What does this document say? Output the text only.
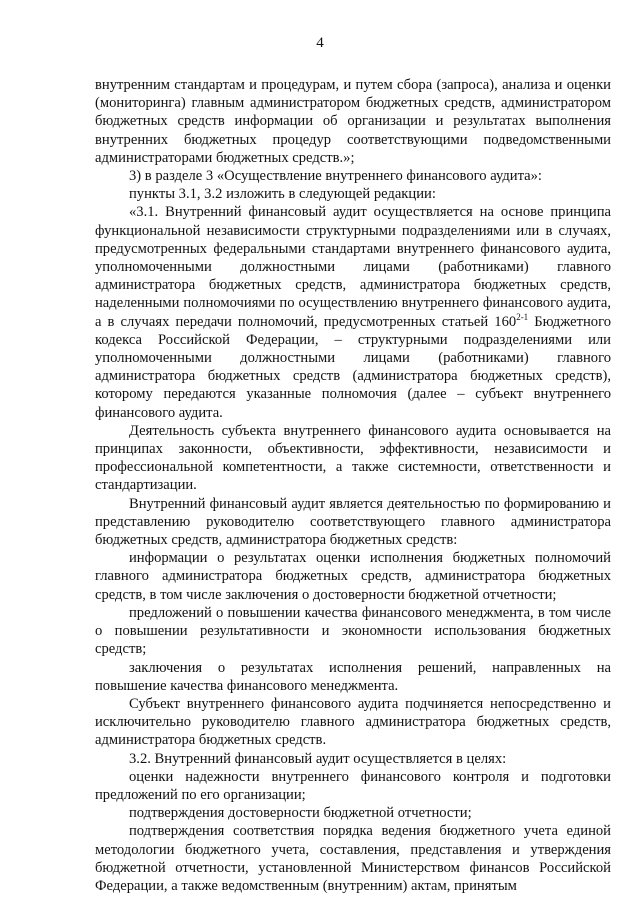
4

внутренним стандартам и процедурам, и путем сбора (запроса), анализа и оценки (мониторинга) главным администратором бюджетных средств, администратором бюджетных средств информации об организации и результатах выполнения внутренних бюджетных процедур соответствующими подведомственными администраторами бюджетных средств.»;

3) в разделе 3 «Осуществление внутреннего финансового аудита»:

пункты 3.1, 3.2 изложить в следующей редакции:

«3.1. Внутренний финансовый аудит осуществляется на основе принципа функциональной независимости структурными подразделениями или в случаях, предусмотренных федеральными стандартами внутреннего финансового аудита, уполномоченными должностными лицами (работниками) главного администратора бюджетных средств, администратора бюджетных средств, наделенными полномочиями по осуществлению внутреннего финансового аудита, а в случаях передачи полномочий, предусмотренных статьей 160$^{2-1}$ Бюджетного кодекса Российской Федерации, – структурными подразделениями или уполномоченными должностными лицами (работниками) главного администратора бюджетных средств (администратора бюджетных средств), которому передаются указанные полномочия (далее – субъект внутреннего финансового аудита.

Деятельность субъекта внутреннего финансового аудита основывается на принципах законности, объективности, эффективности, независимости и профессиональной компетентности, а также системности, ответственности и стандартизации.

Внутренний финансовый аудит является деятельностью по формированию и представлению руководителю соответствующего главного администратора бюджетных средств, администратора бюджетных средств:

информации о результатах оценки исполнения бюджетных полномочий главного администратора бюджетных средств, администратора бюджетных средств, в том числе заключения о достоверности бюджетной отчетности;

предложений о повышении качества финансового менеджмента, в том числе о повышении результативности и экономности использования бюджетных средств;

заключения о результатах исполнения решений, направленных на повышение качества финансового менеджмента.

Субъект внутреннего финансового аудита подчиняется непосредственно и исключительно руководителю главного администратора бюджетных средств, администратора бюджетных средств.

3.2. Внутренний финансовый аудит осуществляется в целях:

оценки надежности внутреннего финансового контроля и подготовки предложений по его организации;

подтверждения достоверности бюджетной отчетности;

подтверждения соответствия порядка ведения бюджетного учета единой методологии бюджетного учета, составления, представления и утверждения бюджетной отчетности, установленной Министерством финансов Российской Федерации, а также ведомственным (внутренним) актам, принятым
